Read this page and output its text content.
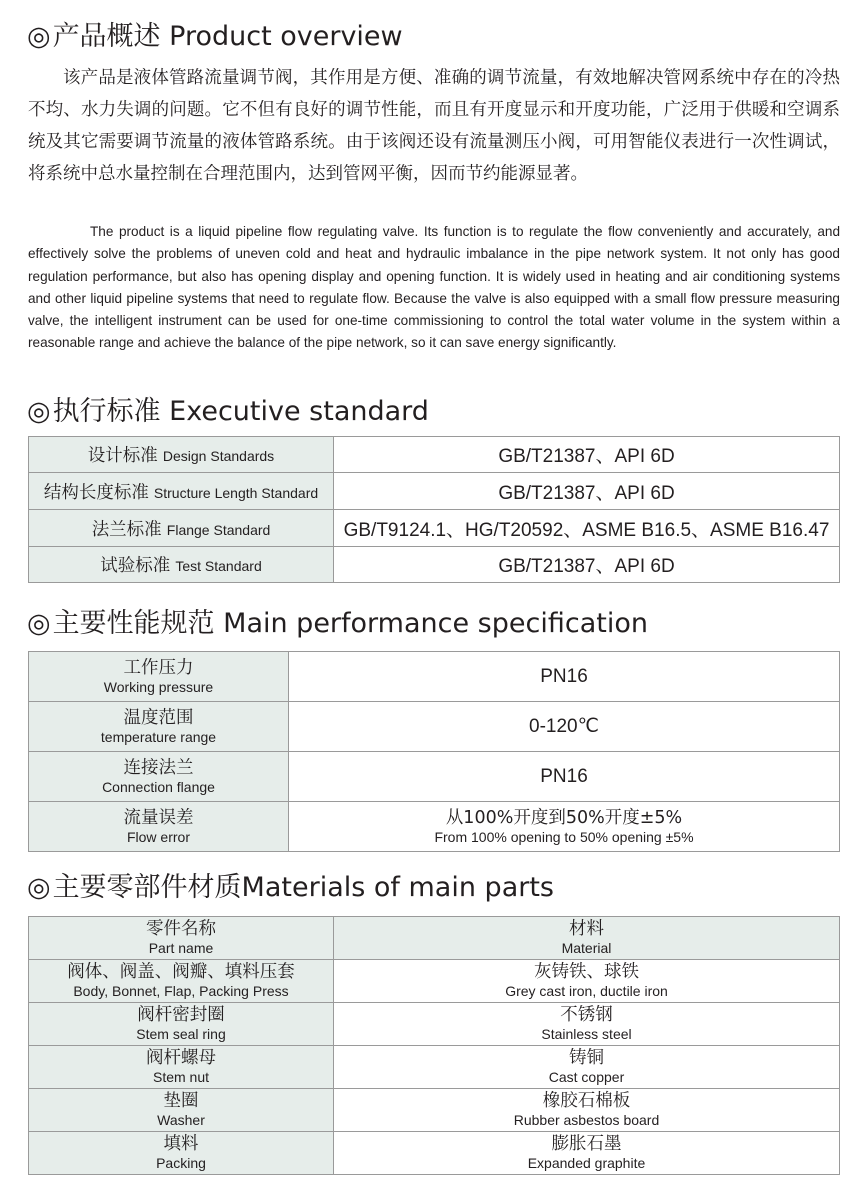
◎产品概述 Product overview

该产品是液体管路流量调节阀，其作用是方便、准确的调节流量，有效地解决管网系统中存在的冷热不均、水力失调的问题。它不但有良好的调节性能，而且有开度显示和开度功能，广泛用于供暖和空调系统及其它需要调节流量的液体管路系统。由于该阀还设有流量测压小阀，可用智能仪表进行一次性调试，将系统中总水量控制在合理范围内，达到管网平衡，因而节约能源显著。

The product is a liquid pipeline flow regulating valve. Its function is to regulate the flow conveniently and accurately, and effectively solve the problems of uneven cold and heat and hydraulic imbalance in the pipe network system. It not only has good regulation performance, but also has opening display and opening function. It is widely used in heating and air conditioning systems and other liquid pipeline systems that need to regulate flow. Because the valve is also equipped with a small flow pressure measuring valve, the intelligent instrument can be used for one-time commissioning to control the total water volume in the system within a reasonable range and achieve the balance of the pipe network, so it can save energy significantly.

◎执行标准 Executive standard
设计标准 Design Standards	GB/T21387、API 6D
结构长度标准 Structure Length Standard	GB/T21387、API 6D
法兰标准 Flange Standard	GB/T9124.1、HG/T20592、ASME B16.5、ASME B16.47
试验标准 Test Standard	GB/T21387、API 6D
◎主要性能规范 Main performance specification
工作压力
Working pressure	PN16

温度范围
temperature range	0-120℃

连接法兰
Connection flange	PN16

流量误差
Flow error	从100%开度到50%开度±5%
From 100% opening to 50% opening ±5%
◎主要零部件材质Materials of main parts
零件名称
Part name	材料
Material

阀体、阀盖、阀瓣、填料压套
Body, Bonnet, Flap, Packing Press	灰铸铁、球铁
Grey cast iron, ductile iron

阀杆密封圈
Stem seal ring	不锈钢
Stainless steel

阀杆螺母
Stem nut	铸铜
Cast copper

垫圈
Washer	橡胶石棉板
Rubber asbestos board

填料
Packing	膨胀石墨
Expanded graphite
